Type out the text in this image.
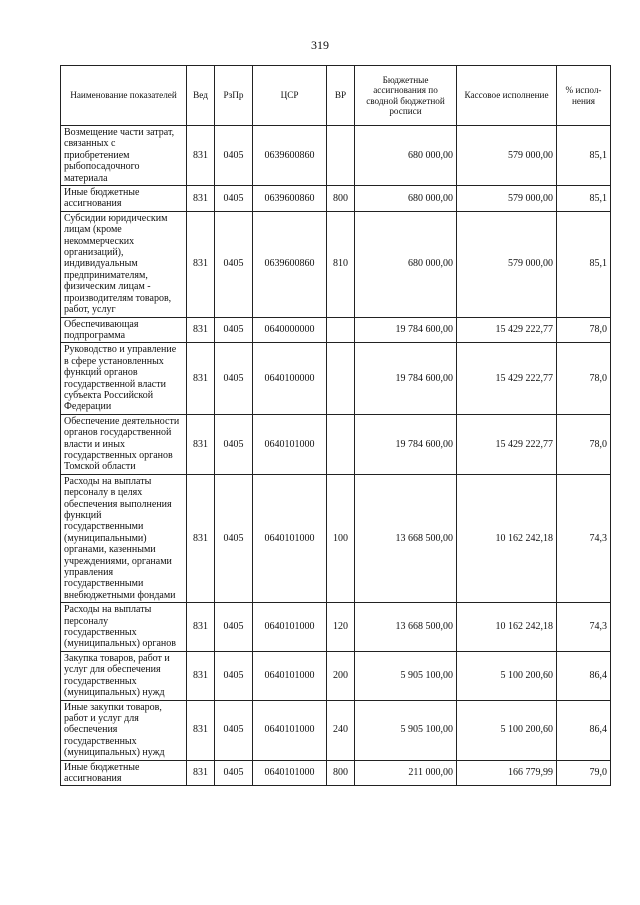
319
Наименование показателей	Вед	РзПр	ЦСР	ВР	Бюджетные ассигнования по сводной бюджетной росписи	Кассовое исполнение	% испол-нения
Возмещение части затрат, связанных с приобретением рыбопосадочного материала	831	0405	0639600860		680 000,00	579 000,00	85,1
Иные бюджетные ассигнования	831	0405	0639600860	800	680 000,00	579 000,00	85,1
Субсидии юридическим лицам (кроме некоммерческих организаций), индивидуальным предпринимателям, физическим лицам - производителям товаров, работ, услуг	831	0405	0639600860	810	680 000,00	579 000,00	85,1
Обеспечивающая подпрограмма	831	0405	0640000000		19 784 600,00	15 429 222,77	78,0
Руководство и управление в сфере установленных функций органов государственной власти субъекта Российской Федерации	831	0405	0640100000		19 784 600,00	15 429 222,77	78,0
Обеспечение деятельности органов государственной власти и иных государственных органов Томской области	831	0405	0640101000		19 784 600,00	15 429 222,77	78,0
Расходы на выплаты персоналу в целях обеспечения выполнения функций государственными (муниципальными) органами, казенными учреждениями, органами управления государственными внебюджетными фондами	831	0405	0640101000	100	13 668 500,00	10 162 242,18	74,3
Расходы на выплаты персоналу государственных (муниципальных) органов	831	0405	0640101000	120	13 668 500,00	10 162 242,18	74,3
Закупка товаров, работ и услуг для обеспечения государственных (муниципальных) нужд	831	0405	0640101000	200	5 905 100,00	5 100 200,60	86,4
Иные закупки товаров, работ и услуг для обеспечения государственных (муниципальных) нужд	831	0405	0640101000	240	5 905 100,00	5 100 200,60	86,4
Иные бюджетные ассигнования	831	0405	0640101000	800	211 000,00	166 779,99	79,0
